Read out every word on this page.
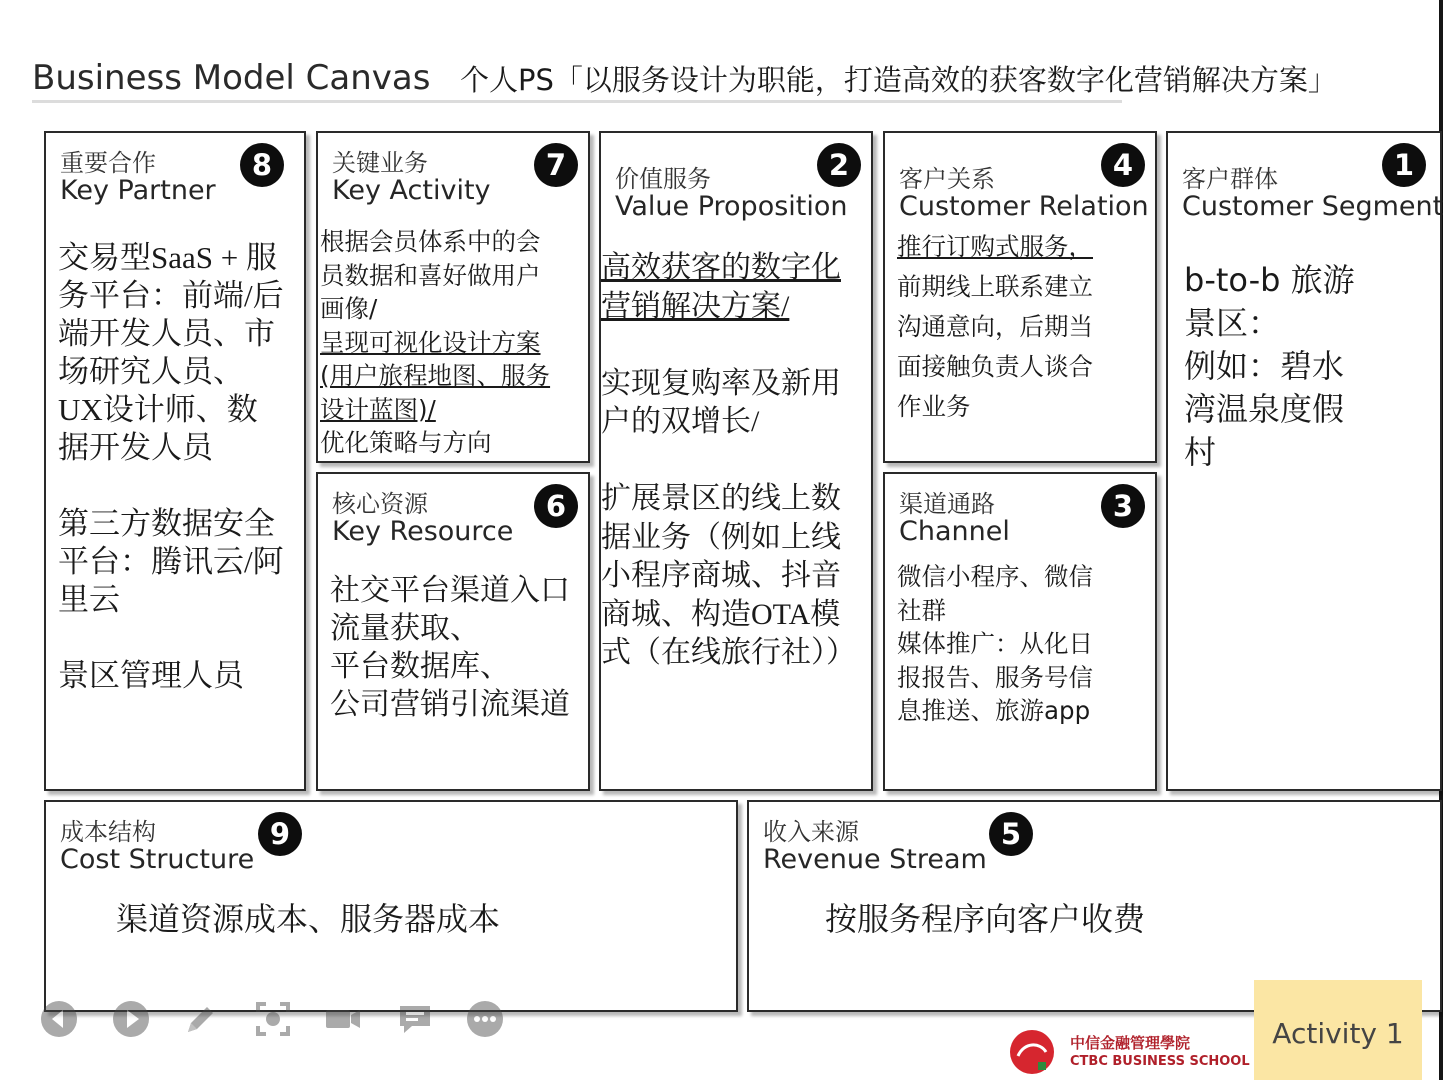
Business Model Canvas 个人PS「以服务设计为职能，打造高效的获客数字化营销解决方案」
重要合作
Key Partner
8
交易型SaaS + 服
务平台：前端/后
端开发人员、市
场研究人员、
UX设计师、数
据开发人员

第三方数据安全
平台：腾讯云/阿
里云

景区管理人员
关键业务
Key Activity
7
根据会员体系中的会
员数据和喜好做用户
画像/
呈现可视化设计方案
(用户旅程地图、服务
设计蓝图)/
优化策略与方向
核心资源
Key Resource
6
社交平台渠道入口
流量获取、
平台数据库、
公司营销引流渠道
价值服务
Value Proposition
2
高效获客的数字化
营销解决方案/

实现复购率及新用
户的双增长/

扩展景区的线上数
据业务（例如上线
小程序商城、抖音
商城、构造OTA模
式（在线旅行社））
客户关系
Customer Relation
4
推行订购式服务，
前期线上联系建立
沟通意向，后期当
面接触负责人谈合
作业务
渠道通路
Channel
3
微信小程序、微信
社群
媒体推广：从化日
报报告、服务号信
息推送、旅游app
客户群体
Customer Segment
1
b-to-b 旅游
景区：
例如：碧水
湾温泉度假
村
成本结构
Cost Structure
9
渠道资源成本、服务器成本
收入来源
Revenue Stream
5
按服务程序向客户收费
中信金融管理學院
CTBC BUSINESS SCHOOL
Activity 1
